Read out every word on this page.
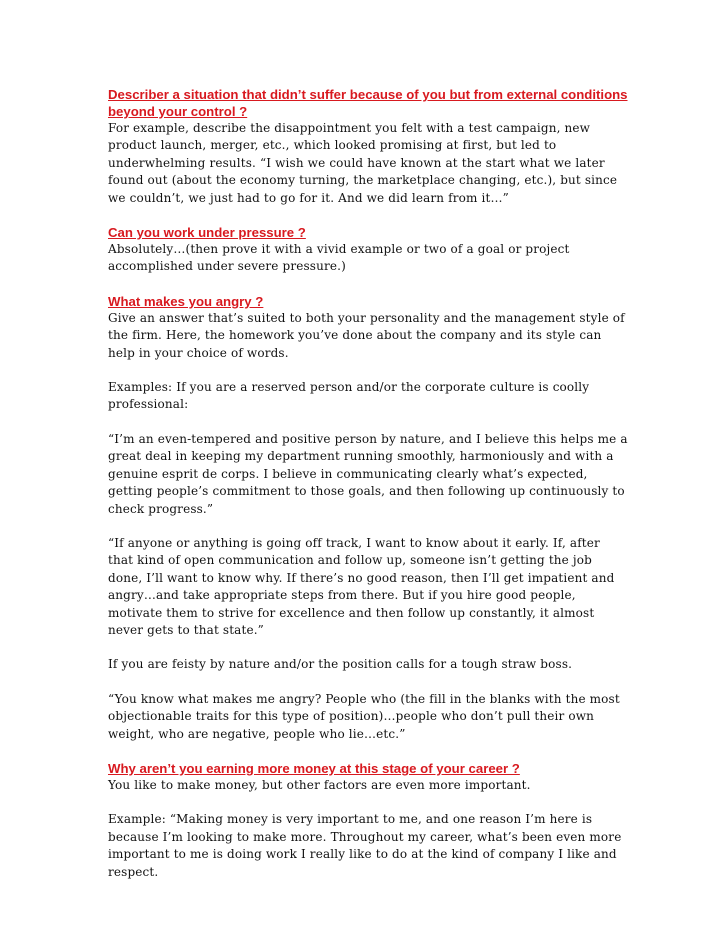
Describer a situation that didn’t suffer because of you but from external conditions beyond your control ?

For example, describe the disappointment you felt with a test campaign, new product launch, merger, etc., which looked promising at first, but led to underwhelming results. “I wish we could have known at the start what we later found out (about the economy turning, the marketplace changing, etc.), but since we couldn’t, we just had to go for it. And we did learn from it…”

Can you work under pressure ?

Absolutely…(then prove it with a vivid example or two of a goal or project accomplished under severe pressure.)

What makes you angry ?

Give an answer that’s suited to both your personality and the management style of the firm. Here, the homework you’ve done about the company and its style can help in your choice of words.

Examples: If you are a reserved person and/or the corporate culture is coolly professional:

“I’m an even-tempered and positive person by nature, and I believe this helps me a great deal in keeping my department running smoothly, harmoniously and with a genuine esprit de corps. I believe in communicating clearly what’s expected, getting people’s commitment to those goals, and then following up continuously to check progress.”

“If anyone or anything is going off track, I want to know about it early. If, after that kind of open communication and follow up, someone isn’t getting the job done, I’ll want to know why. If there’s no good reason, then I’ll get impatient and angry…and take appropriate steps from there. But if you hire good people, motivate them to strive for excellence and then follow up constantly, it almost never gets to that state.”

If you are feisty by nature and/or the position calls for a tough straw boss.

“You know what makes me angry? People who (the fill in the blanks with the most objectionable traits for this type of position)…people who don’t pull their own weight, who are negative, people who lie…etc.”

Why aren’t you earning more money at this stage of your career ?

You like to make money, but other factors are even more important.

Example: “Making money is very important to me, and one reason I’m here is because I’m looking to make more. Throughout my career, what’s been even more important to me is doing work I really like to do at the kind of company I like and respect.
